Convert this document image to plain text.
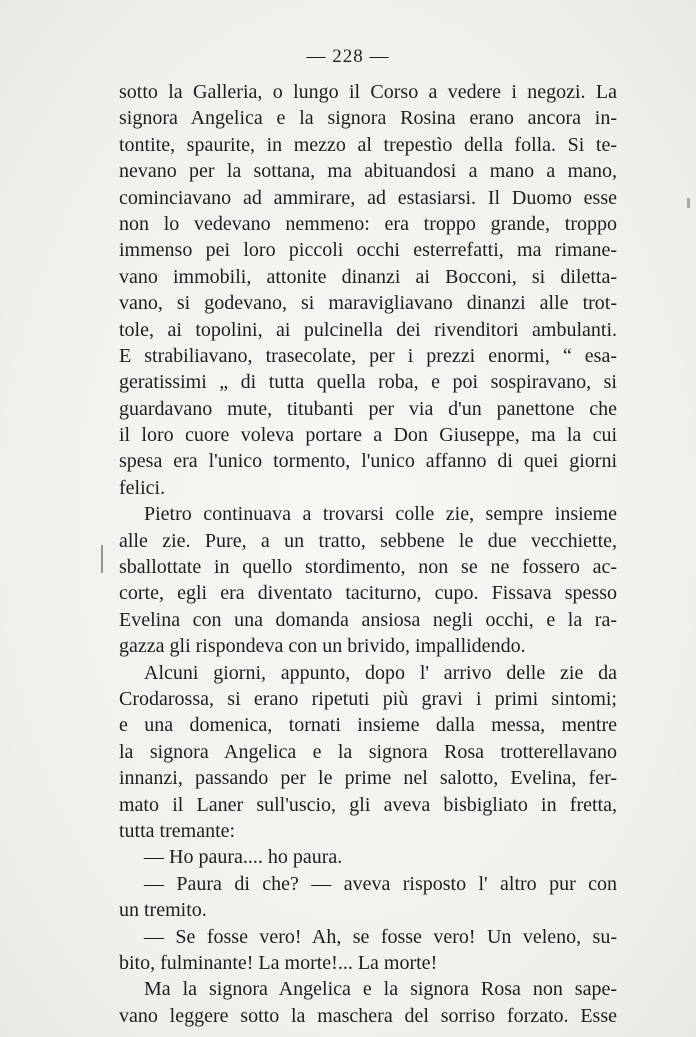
— 228 —
sotto la Galleria, o lungo il Corso a vedere i negozi. La
signora Angelica e la signora Rosina erano ancora in-
tontite, spaurite, in mezzo al trepestìo della folla. Si te-
nevano per la sottana, ma abituandosi a mano a mano,
cominciavano ad ammirare, ad estasiarsi. Il Duomo esse
non lo vedevano nemmeno: era troppo grande, troppo
immenso pei loro piccoli occhi esterrefatti, ma rimane-
vano immobili, attonite dinanzi ai Bocconi, si diletta-
vano, si godevano, si maravigliavano dinanzi alle trot-
tole, ai topolini, ai pulcinella dei rivenditori ambulanti.
E strabiliavano, trasecolate, per i prezzi enormi, “ esa-
geratissimi „ di tutta quella roba, e poi sospiravano, si
guardavano mute, titubanti per via d'un panettone che
il loro cuore voleva portare a Don Giuseppe, ma la cui
spesa era l'unico tormento, l'unico affanno di quei giorni
felici.
Pietro continuava a trovarsi colle zie, sempre insieme
alle zie. Pure, a un tratto, sebbene le due vecchiette,
sballottate in quello stordimento, non se ne fossero ac-
corte, egli era diventato taciturno, cupo. Fissava spesso
Evelina con una domanda ansiosa negli occhi, e la ra-
gazza gli rispondeva con un brivido, impallidendo.
Alcuni giorni, appunto, dopo l' arrivo delle zie da
Crodarossa, si erano ripetuti più gravi i primi sintomi;
e una domenica, tornati insieme dalla messa, mentre
la signora Angelica e la signora Rosa trotterellavano
innanzi, passando per le prime nel salotto, Evelina, fer-
mato il Laner sull'uscio, gli aveva bisbigliato in fretta,
tutta tremante:
— Ho paura.... ho paura.
— Paura di che? — aveva risposto l' altro pur con
un tremito.
— Se fosse vero! Ah, se fosse vero! Un veleno, su-
bito, fulminante! La morte!... La morte!
Ma la signora Angelica e la signora Rosa non sape-
vano leggere sotto la maschera del sorriso forzato. Esse
